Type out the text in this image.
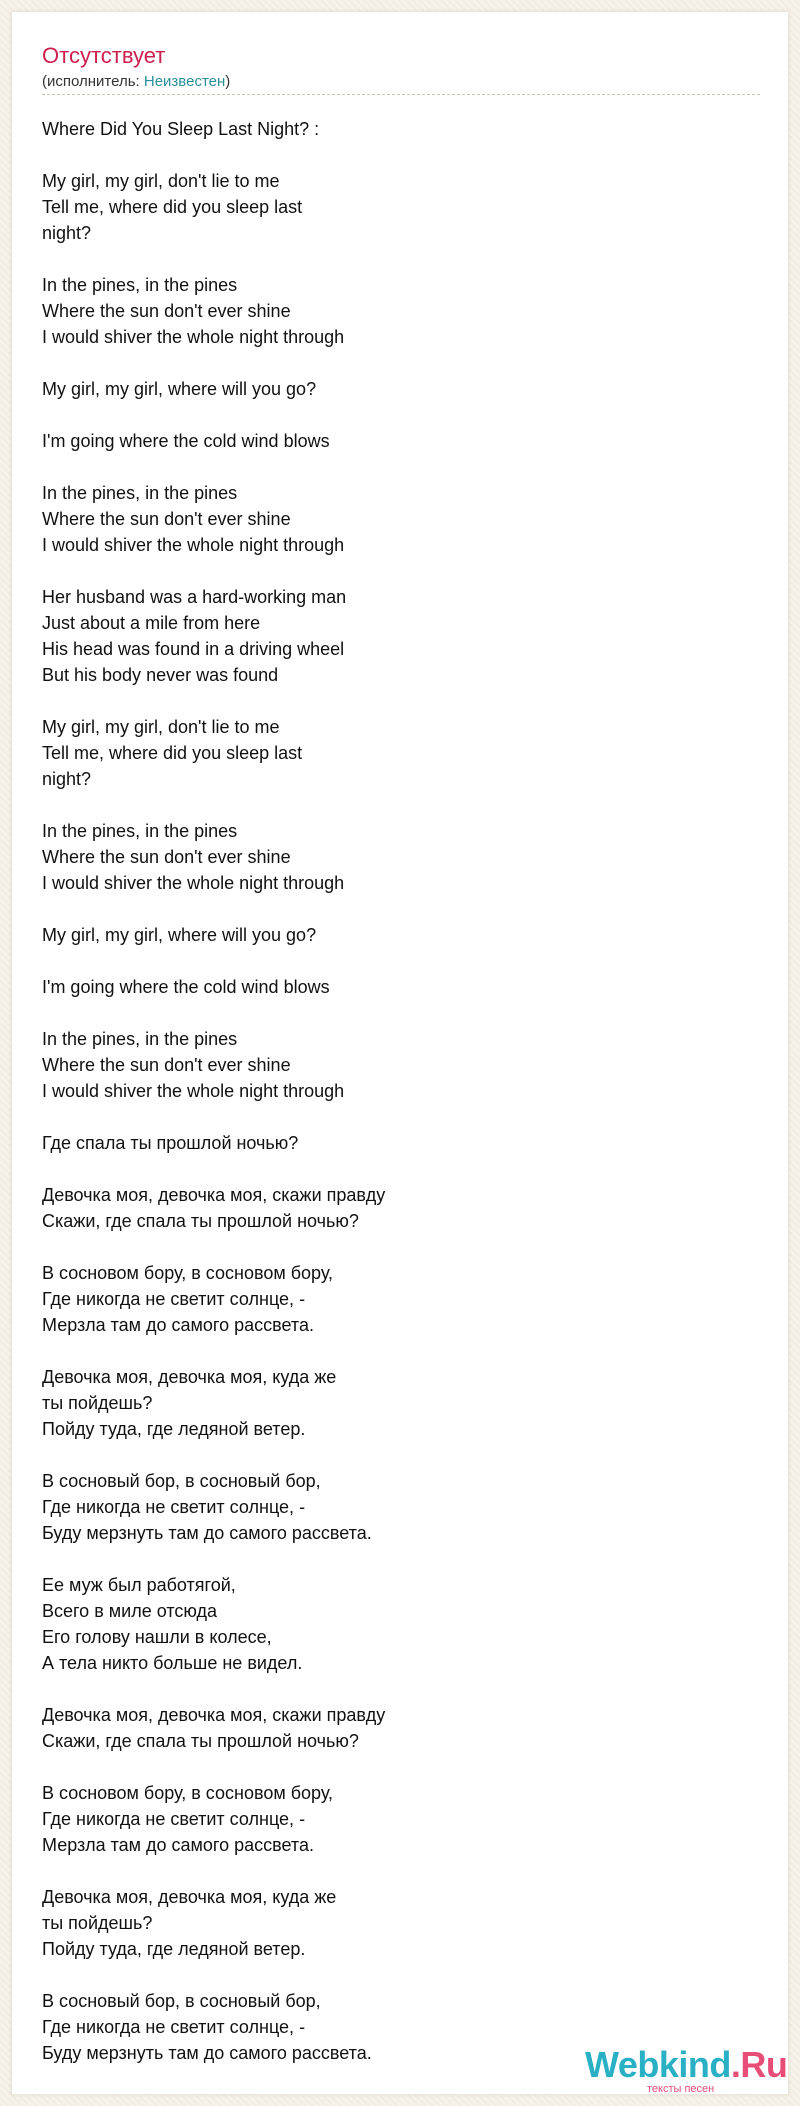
Отсутствует
(исполнитель: Неизвестен)
Where Did You Sleep Last Night? :
My girl, my girl, don't lie to me
Tell me, where did you sleep last
night?
In the pines, in the pines
Where the sun don't ever shine
I would shiver the whole night through
My girl, my girl, where will you go?
I'm going where the cold wind blows
In the pines, in the pines
Where the sun don't ever shine
I would shiver the whole night through
Her husband was a hard-working man
Just about a mile from here
His head was found in a driving wheel
But his body never was found
My girl, my girl, don't lie to me
Tell me, where did you sleep last
night?
In the pines, in the pines
Where the sun don't ever shine
I would shiver the whole night through
My girl, my girl, where will you go?
I'm going where the cold wind blows
In the pines, in the pines
Where the sun don't ever shine
I would shiver the whole night through
Где спала ты прошлой ночью?
Девочка моя, девочка моя, скажи правду
Скажи, где спала ты прошлой ночью?
В сосновом бору, в сосновом бору,
Где никогда не светит солнце, -
Мерзла там до самого рассвета.
Девочка моя, девочка моя, куда же
ты пойдешь?
Пойду туда, где ледяной ветер.
В сосновый бор, в сосновый бор,
Где никогда не светит солнце, -
Буду мерзнуть там до самого рассвета.
Ее муж был работягой,
Всего в миле отсюда
Его голову нашли в колесе,
А тела никто больше не видел.
Девочка моя, девочка моя, скажи правду
Скажи, где спала ты прошлой ночью?
В сосновом бору, в сосновом бору,
Где никогда не светит солнце, -
Мерзла там до самого рассвета.
Девочка моя, девочка моя, куда же
ты пойдешь?
Пойду туда, где ледяной ветер.
В сосновый бор, в сосновый бор,
Где никогда не светит солнце, -
Буду мерзнуть там до самого рассвета.	Webkind.Ru
тексты песен
